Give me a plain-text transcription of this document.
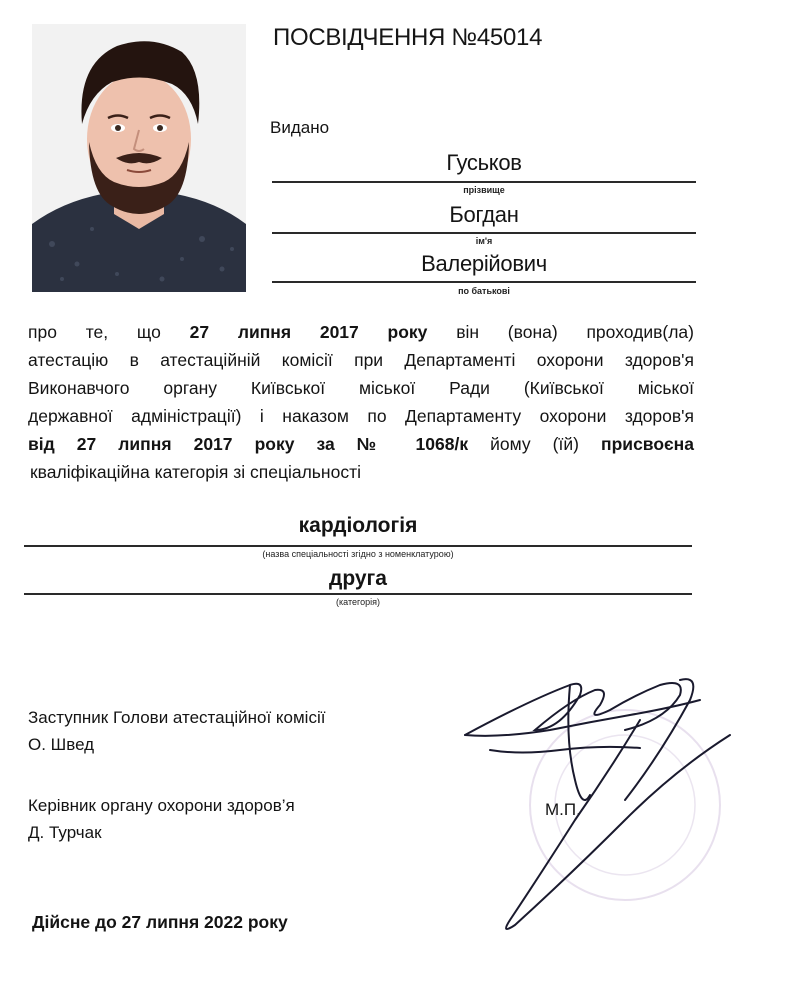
ПОСВІДЧЕННЯ №45014
Видано
Гуськов
прізвище
Богдан
ім'я
Валерійович
по батькові
про те, що 27 липня 2017 року він (вона) проходив(ла)
атестацію в атестаційній комісії при Департаменті охорони здоров'я
Виконавчого органу Київської міської Ради (Київської міської
державної адміністрації) і наказом по Департаменту охорони здоров'я
від 27 липня 2017 року за № 1068/к йому (їй) присвоєна
кваліфікаційна категорія зі спеціальності
кардіологія
(назва спеціальності згідно з номенклатурою)
друга
(категорія)
Заступник Голови атестаційної комісії
О. Швед
Керівник органу охорони здоров’я
Д. Турчак
М.П.
Дійсне до 27 липня 2022 року
